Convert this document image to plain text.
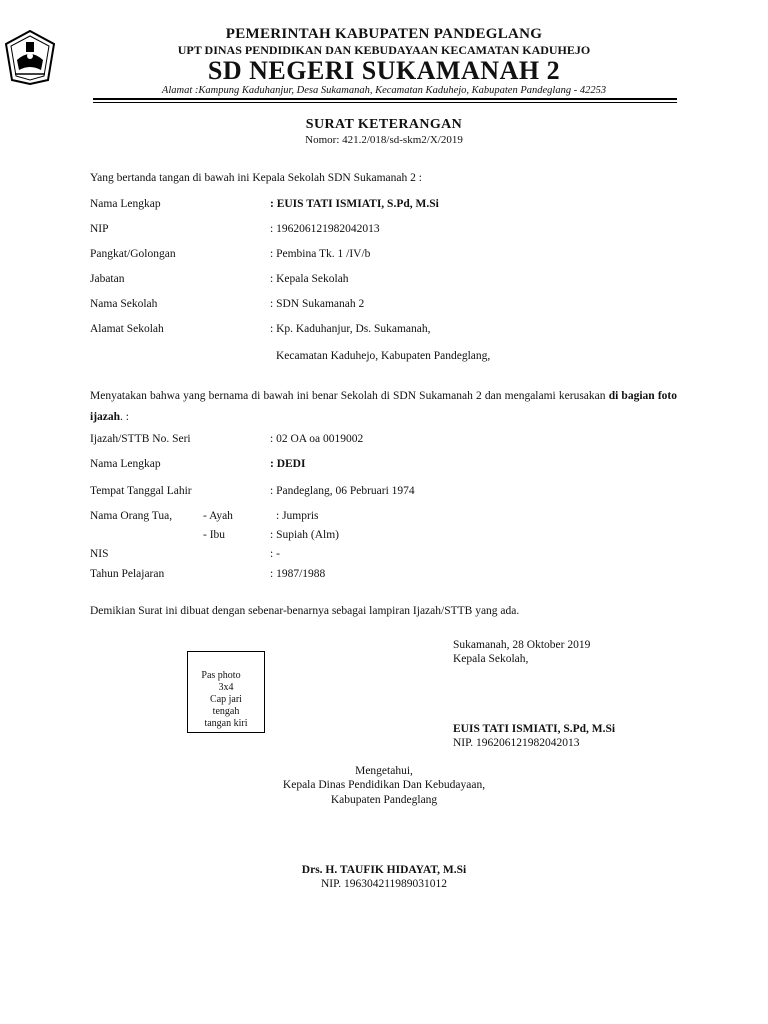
PEMERINTAH KABUPATEN PANDEGLANG
UPT DINAS PENDIDIKAN DAN KEBUDAYAAN KECAMATAN KADUHEJO
SD NEGERI SUKAMANAH 2
Alamat :Kampung Kaduhanjur, Desa Sukamanah, Kecamatan Kaduhejo, Kabupaten Pandeglang - 42253
SURAT KETERANGAN
Nomor: 421.2/018/sd-skm2/X/2019
Yang bertanda tangan di bawah ini Kepala Sekolah SDN Sukamanah 2 :
Nama Lengkap	: EUIS TATI ISMIATI, S.Pd, M.Si
NIP	: 196206121982042013
Pangkat/Golongan	: Pembina Tk. 1 /IV/b
Jabatan	: Kepala Sekolah
Nama Sekolah	: SDN Sukamanah 2
Alamat Sekolah	: Kp. Kaduhanjur, Ds. Sukamanah,
Kecamatan Kaduhejo, Kabupaten Pandeglang,
Menyatakan bahwa yang bernama di bawah ini benar Sekolah di SDN Sukamanah 2 dan mengalami kerusakan di bagian foto ijazah. :
Ijazah/STTB No. Seri	: 02 OA oa 0019002
Nama Lengkap	: DEDI
Tempat Tanggal Lahir	: Pandeglang, 06 Pebruari 1974
Nama Orang Tua,	- Ayah	: Jumpris
- Ibu	: Supiah (Alm)
NIS	: -
Tahun Pelajaran	: 1987/1988
Demikian Surat ini dibuat dengan sebenar-benarnya sebagai lampiran Ijazah/STTB yang ada.
Pas photo
3x4
Cap jari
tengah
tangan kiri
Sukamanah, 28 Oktober 2019
Kepala Sekolah,
EUIS TATI ISMIATI, S.Pd, M.Si
NIP. 196206121982042013
Mengetahui,
Kepala Dinas Pendidikan Dan Kebudayaan,
Kabupaten Pandeglang
Drs. H. TAUFIK HIDAYAT, M.Si
NIP. 196304211989031012
